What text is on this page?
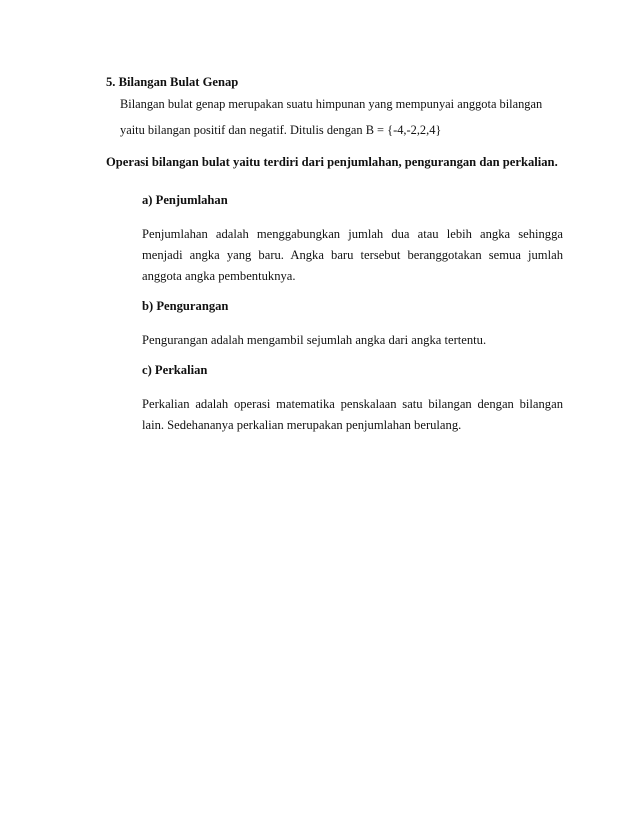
5. Bilangan Bulat Genap

Bilangan bulat genap merupakan suatu himpunan yang mempunyai anggota bilangan

yaitu bilangan positif dan negatif. Ditulis dengan B = {-4,-2,2,4}

Operasi bilangan bulat yaitu terdiri dari penjumlahan, pengurangan dan perkalian.

a) Penjumlahan

Penjumlahan adalah menggabungkan jumlah dua atau lebih angka sehingga
menjadi angka yang baru. Angka baru tersebut beranggotakan semua jumlah
anggota angka pembentuknya.

b) Pengurangan

Pengurangan adalah mengambil sejumlah angka dari angka tertentu.

c) Perkalian

Perkalian adalah operasi matematika penskalaan satu bilangan dengan bilangan
lain. Sedehananya perkalian merupakan penjumlahan berulang.
